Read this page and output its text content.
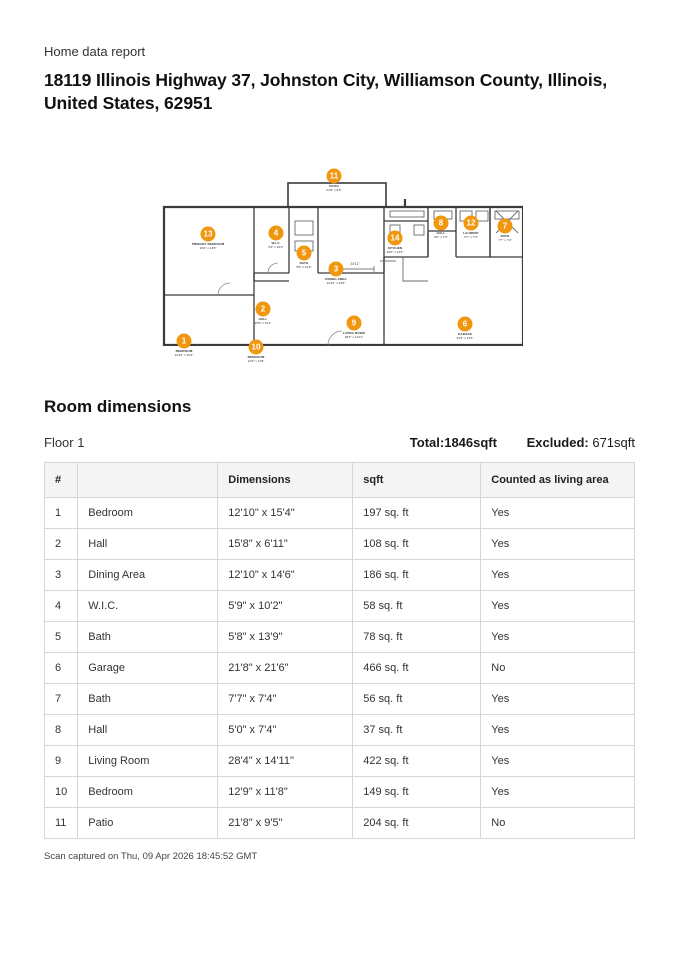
Home data report

18119 Illinois Highway 37, Johnston City, Williamson County, Illinois, United States, 62951
24'11"
BEDROOM
12'10" x 15'4"
HALL
15'8" x 6'11"
DINING AREA
12'10" x 14'6"
W.I.C.
5'9" x 10'2"
BATH
5'8" x 13'9"
GARAGE
21'8" x 21'6"
BATH
7'7" x 7'4"
HALL
5'0" x 7'4"
LIVING ROOM
28'4" x 14'11"
BEDROOM
12'9" x 11'8"
PATIO
21'8" x 9'5"
LAUNDRY
6'7" x 7'4"
PRIMARY BEDROOM
16'2" x 13'6"	KITCHEN
10'0" x 14'6"
1
2
3
4
5
6
7
8
9
10
11
12
13	14
Room dimensions
Floor 1	Total:1846sqft Excluded: 671sqft
#		Dimensions	sqft	Counted as living area
1	Bedroom	12'10" x 15'4"	197 sq. ft	Yes
2	Hall	15'8" x 6'11"	108 sq. ft	Yes
3	Dining Area	12'10" x 14'6"	186 sq. ft	Yes
4	W.I.C.	5'9" x 10'2"	58 sq. ft	Yes
5	Bath	5'8" x 13'9"	78 sq. ft	Yes
6	Garage	21'8" x 21'6"	466 sq. ft	No
7	Bath	7'7" x 7'4"	56 sq. ft	Yes
8	Hall	5'0" x 7'4"	37 sq. ft	Yes
9	Living Room	28'4" x 14'11"	422 sq. ft	Yes
10	Bedroom	12'9" x 11'8"	149 sq. ft	Yes
11	Patio	21'8" x 9'5"	204 sq. ft	No
Scan captured on Thu, 09 Apr 2026 18:45:52 GMT
